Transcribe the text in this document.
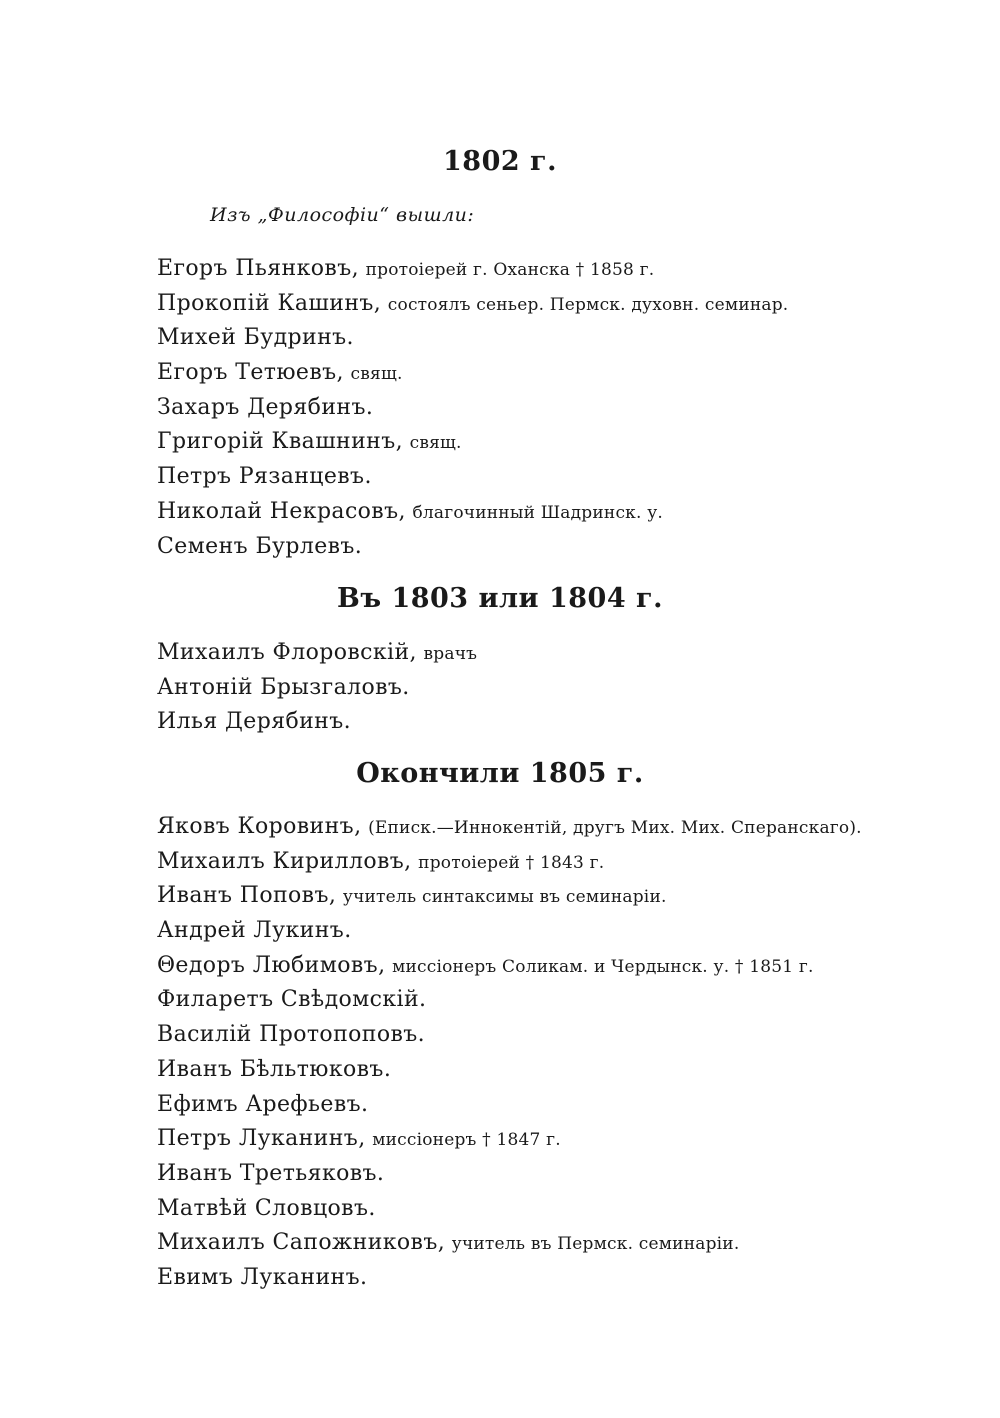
1802 г.
Изъ „Философіи“ вышли:
Егоръ Пьянковъ, протоіерей г. Оханска † 1858 г.
Прокопій Кашинъ, состоялъ сеньер. Пермск. духовн. семинар.
Михей Будринъ.
Егоръ Тетюевъ, свящ.
Захаръ Дерябинъ.
Григорій Квашнинъ, свящ.
Петръ Рязанцевъ.
Николай Некрасовъ, благочинный Шадринск. у.
Семенъ Бурлевъ.
Въ 1803 или 1804 г.
Михаилъ Флоровскій, врачъ
Антоній Брызгаловъ.
Илья Дерябинъ.
Окончили 1805 г.
Яковъ Коровинъ, (Еписк.—Иннокентій, другъ Мих. Мих. Сперанскаго).
Михаилъ Кирилловъ, протоіерей † 1843 г.
Иванъ Поповъ, учитель синтаксимы въ семинаріи.
Андрей Лукинъ.
Θедоръ Любимовъ, миссіонеръ Соликам. и Чердынск. у. † 1851 г.
Филаретъ Свѣдомскій.
Василій Протопоповъ.
Иванъ Бѣльтюковъ.
Ефимъ Арефьевъ.
Петръ Луканинъ, миссіонеръ † 1847 г.
Иванъ Третьяковъ.
Матвѣй Словцовъ.
Михаилъ Сапожниковъ, учитель въ Пермск. семинаріи.
Евимъ Луканинъ.
